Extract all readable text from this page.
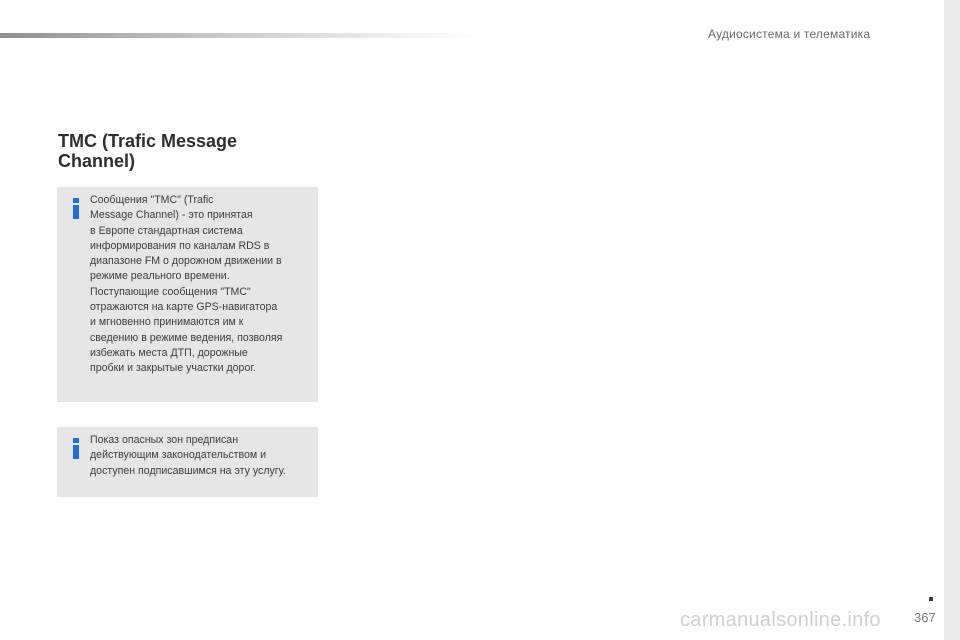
Аудиосистема и телематика
TMC (Trafic Message Channel)

Сообщения "TMC" (Trafic
Message Channel) - это принятая
в Европе стандартная система
информирования по каналам RDS в
диапазоне FM о дорожном движении в
режиме реального времени.
Поступающие сообщения "TMC"
отражаются на карте GPS-навигатора
и мгновенно принимаются им к
сведению в режиме ведения, позволяя
избежать места ДТП, дорожные
пробки и закрытые участки дорог.

Показ опасных зон предписан
действующим законодательством и
доступен подписавшимся на эту услугу.

carmanualsonline.info	367
